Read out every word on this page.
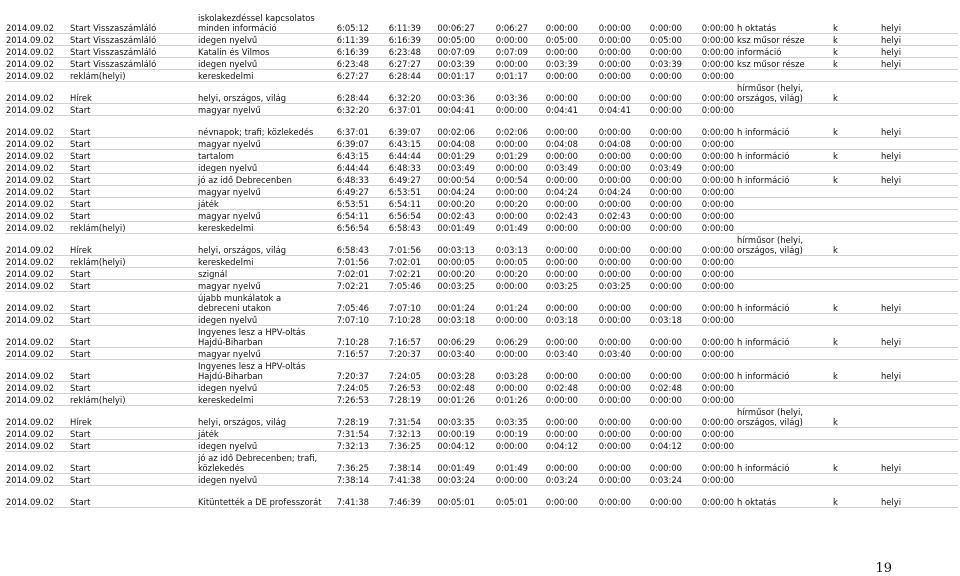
2014.09.02	Start Visszaszámláló	iskolakezdéssel kapcsolatos minden információ	6:05:12	6:11:39	00:06:27	0:06:27	0:00:00	0:00:00	0:00:00	0:00:00	h oktatás	k	helyi
2014.09.02	Start Visszaszámláló	idegen nyelvű	6:11:39	6:16:39	00:05:00	0:00:00	0:05:00	0:00:00	0:05:00	0:00:00	ksz műsor része	k	helyi
2014.09.02	Start Visszaszámláló	Katalin és Vilmos	6:16:39	6:23:48	00:07:09	0:07:09	0:00:00	0:00:00	0:00:00	0:00:00	információ	k	helyi
2014.09.02	Start Visszaszámláló	idegen nyelvű	6:23:48	6:27:27	00:03:39	0:00:00	0:03:39	0:00:00	0:03:39	0:00:00	ksz műsor része	k	helyi
2014.09.02	reklám(helyi)	kereskedelmi	6:27:27	6:28:44	00:01:17	0:01:17	0:00:00	0:00:00	0:00:00	0:00:00			
2014.09.02	Hírek	helyi, országos, világ	6:28:44	6:32:20	00:03:36	0:03:36	0:00:00	0:00:00	0:00:00	0:00:00	hírműsor (helyi, országos, világ)	k	
2014.09.02	Start	magyar nyelvű	6:32:20	6:37:01	00:04:41	0:00:00	0:04:41	0:04:41	0:00:00	0:00:00			
2014.09.02	Start	névnapok; trafi; közlekedés	6:37:01	6:39:07	00:02:06	0:02:06	0:00:00	0:00:00	0:00:00	0:00:00	h információ	k	helyi
2014.09.02	Start	magyar nyelvű	6:39:07	6:43:15	00:04:08	0:00:00	0:04:08	0:04:08	0:00:00	0:00:00			
2014.09.02	Start	tartalom	6:43:15	6:44:44	00:01:29	0:01:29	0:00:00	0:00:00	0:00:00	0:00:00	h információ	k	helyi
2014.09.02	Start	idegen nyelvű	6:44:44	6:48:33	00:03:49	0:00:00	0:03:49	0:00:00	0:03:49	0:00:00			
2014.09.02	Start	jó az idő Debrecenben	6:48:33	6:49:27	00:00:54	0:00:54	0:00:00	0:00:00	0:00:00	0:00:00	h információ	k	helyi
2014.09.02	Start	magyar nyelvű	6:49:27	6:53:51	00:04:24	0:00:00	0:04:24	0:04:24	0:00:00	0:00:00			
2014.09.02	Start	játék	6:53:51	6:54:11	00:00:20	0:00:20	0:00:00	0:00:00	0:00:00	0:00:00			
2014.09.02	Start	magyar nyelvű	6:54:11	6:56:54	00:02:43	0:00:00	0:02:43	0:02:43	0:00:00	0:00:00			
2014.09.02	reklám(helyi)	kereskedelmi	6:56:54	6:58:43	00:01:49	0:01:49	0:00:00	0:00:00	0:00:00	0:00:00			
2014.09.02	Hírek	helyi, országos, világ	6:58:43	7:01:56	00:03:13	0:03:13	0:00:00	0:00:00	0:00:00	0:00:00	hírműsor (helyi, országos, világ)	k	
2014.09.02	reklám(helyi)	kereskedelmi	7:01:56	7:02:01	00:00:05	0:00:05	0:00:00	0:00:00	0:00:00	0:00:00			
2014.09.02	Start	szignál	7:02:01	7:02:21	00:00:20	0:00:20	0:00:00	0:00:00	0:00:00	0:00:00			
2014.09.02	Start	magyar nyelvű	7:02:21	7:05:46	00:03:25	0:00:00	0:03:25	0:03:25	0:00:00	0:00:00			
2014.09.02	Start	újabb munkálatok a debreceni utakon	7:05:46	7:07:10	00:01:24	0:01:24	0:00:00	0:00:00	0:00:00	0:00:00	h információ	k	helyi
2014.09.02	Start	idegen nyelvű	7:07:10	7:10:28	00:03:18	0:00:00	0:03:18	0:00:00	0:03:18	0:00:00			
2014.09.02	Start	Ingyenes lesz a HPV-oltás Hajdú-Biharban	7:10:28	7:16:57	00:06:29	0:06:29	0:00:00	0:00:00	0:00:00	0:00:00	h információ	k	helyi
2014.09.02	Start	magyar nyelvű	7:16:57	7:20:37	00:03:40	0:00:00	0:03:40	0:03:40	0:00:00	0:00:00			
2014.09.02	Start	Ingyenes lesz a HPV-oltás Hajdú-Biharban	7:20:37	7:24:05	00:03:28	0:03:28	0:00:00	0:00:00	0:00:00	0:00:00	h információ	k	helyi
2014.09.02	Start	idegen nyelvű	7:24:05	7:26:53	00:02:48	0:00:00	0:02:48	0:00:00	0:02:48	0:00:00			
2014.09.02	reklám(helyi)	kereskedelmi	7:26:53	7:28:19	00:01:26	0:01:26	0:00:00	0:00:00	0:00:00	0:00:00			
2014.09.02	Hírek	helyi, országos, világ	7:28:19	7:31:54	00:03:35	0:03:35	0:00:00	0:00:00	0:00:00	0:00:00	hírműsor (helyi, országos, világ)	k	
2014.09.02	Start	játék	7:31:54	7:32:13	00:00:19	0:00:19	0:00:00	0:00:00	0:00:00	0:00:00			
2014.09.02	Start	idegen nyelvű	7:32:13	7:36:25	00:04:12	0:00:00	0:04:12	0:00:00	0:04:12	0:00:00			
2014.09.02	Start	jó az idő Debrecenben; trafi, közlekedés	7:36:25	7:38:14	00:01:49	0:01:49	0:00:00	0:00:00	0:00:00	0:00:00	h információ	k	helyi
2014.09.02	Start	idegen nyelvű	7:38:14	7:41:38	00:03:24	0:00:00	0:03:24	0:00:00	0:03:24	0:00:00			
2014.09.02	Start	Kitüntették a DE professzorát	7:41:38	7:46:39	00:05:01	0:05:01	0:00:00	0:00:00	0:00:00	0:00:00	h oktatás	k	helyi
19
